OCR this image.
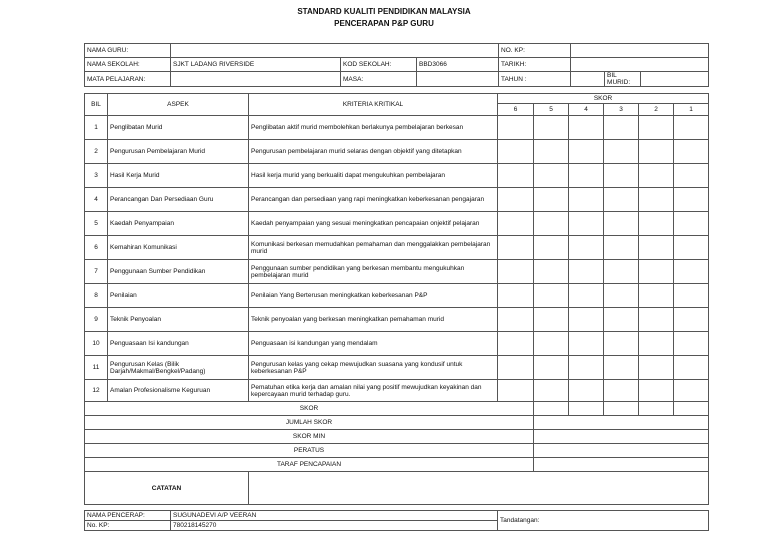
STANDARD KUALITI PENDIDIKAN MALAYSIA
PENCERAPAN P&P GURU
NAMA GURU:				NO. KP:			
NAMA SEKOLAH:	SJKT LADANG RIVERSIDE	KOD SEKOLAH:	BBD3066	TARIKH:			
MATA PELAJARAN:		MASA:		TAHUN :		BIL MURID:	
BIL	ASPEK	KRITERIA KRITIKAL	SKOR					
			6	5	4	3	2	1
1	Penglibatan Murid	Penglibatan aktif murid membolehkan berlakunya pembelajaran berkesan						
2	Pengurusan Pembelajaran Murid	Pengurusan pembelajaran murid selaras dengan objektif yang ditetapkan						
3	Hasil Kerja Murid	Hasil kerja murid yang berkualiti dapat mengukuhkan pembelajaran						
4	Perancangan Dan Persediaan Guru	Perancangan dan persediaan yang rapi meningkatkan keberkesanan pengajaran						
5	Kaedah Penyampaian	Kaedah penyampaian yang sesuai meningkatkan pencapaian onjektif pelajaran						
6	Kemahiran Komunikasi	Komunikasi berkesan memudahkan pemahaman dan menggalakkan pembelajaran murid						
7	Penggunaan Sumber Pendidikan	Penggunaan sumber pendidikan yang berkesan membantu mengukuhkan pembelajaran murid						
8	Penilaian	Penilaian Yang Berterusan meningkatkan keberkesanan P&P						
9	Teknik Penyoalan	Teknik penyoalan yang berkesan meningkatkan pemahaman murid						
10	Penguasaan Isi kandungan	Penguasaan isi kandungan yang mendalam						
11	Pengurusan Kelas (Bilik Darjah/Makmal/Bengkel/Padang)	Pengurusan kelas yang cekap mewujudkan suasana yang kondusif untuk keberkesanan P&P						
12	Amalan Profesionalisme Keguruan	Pematuhan etika kerja dan amalan nilai yang positif mewujudkan keyakinan dan kepercayaan murid terhadap guru.						
SKOR								
JUMLAH SKOR								
SKOR MIN								
PERATUS								
TARAF PENCAPAIAN								
CATATAN								
NAMA PENCERAP:	SUGUNADEVI A/P VEERAN	Tandatangan:
No. KP:	780218145270	
